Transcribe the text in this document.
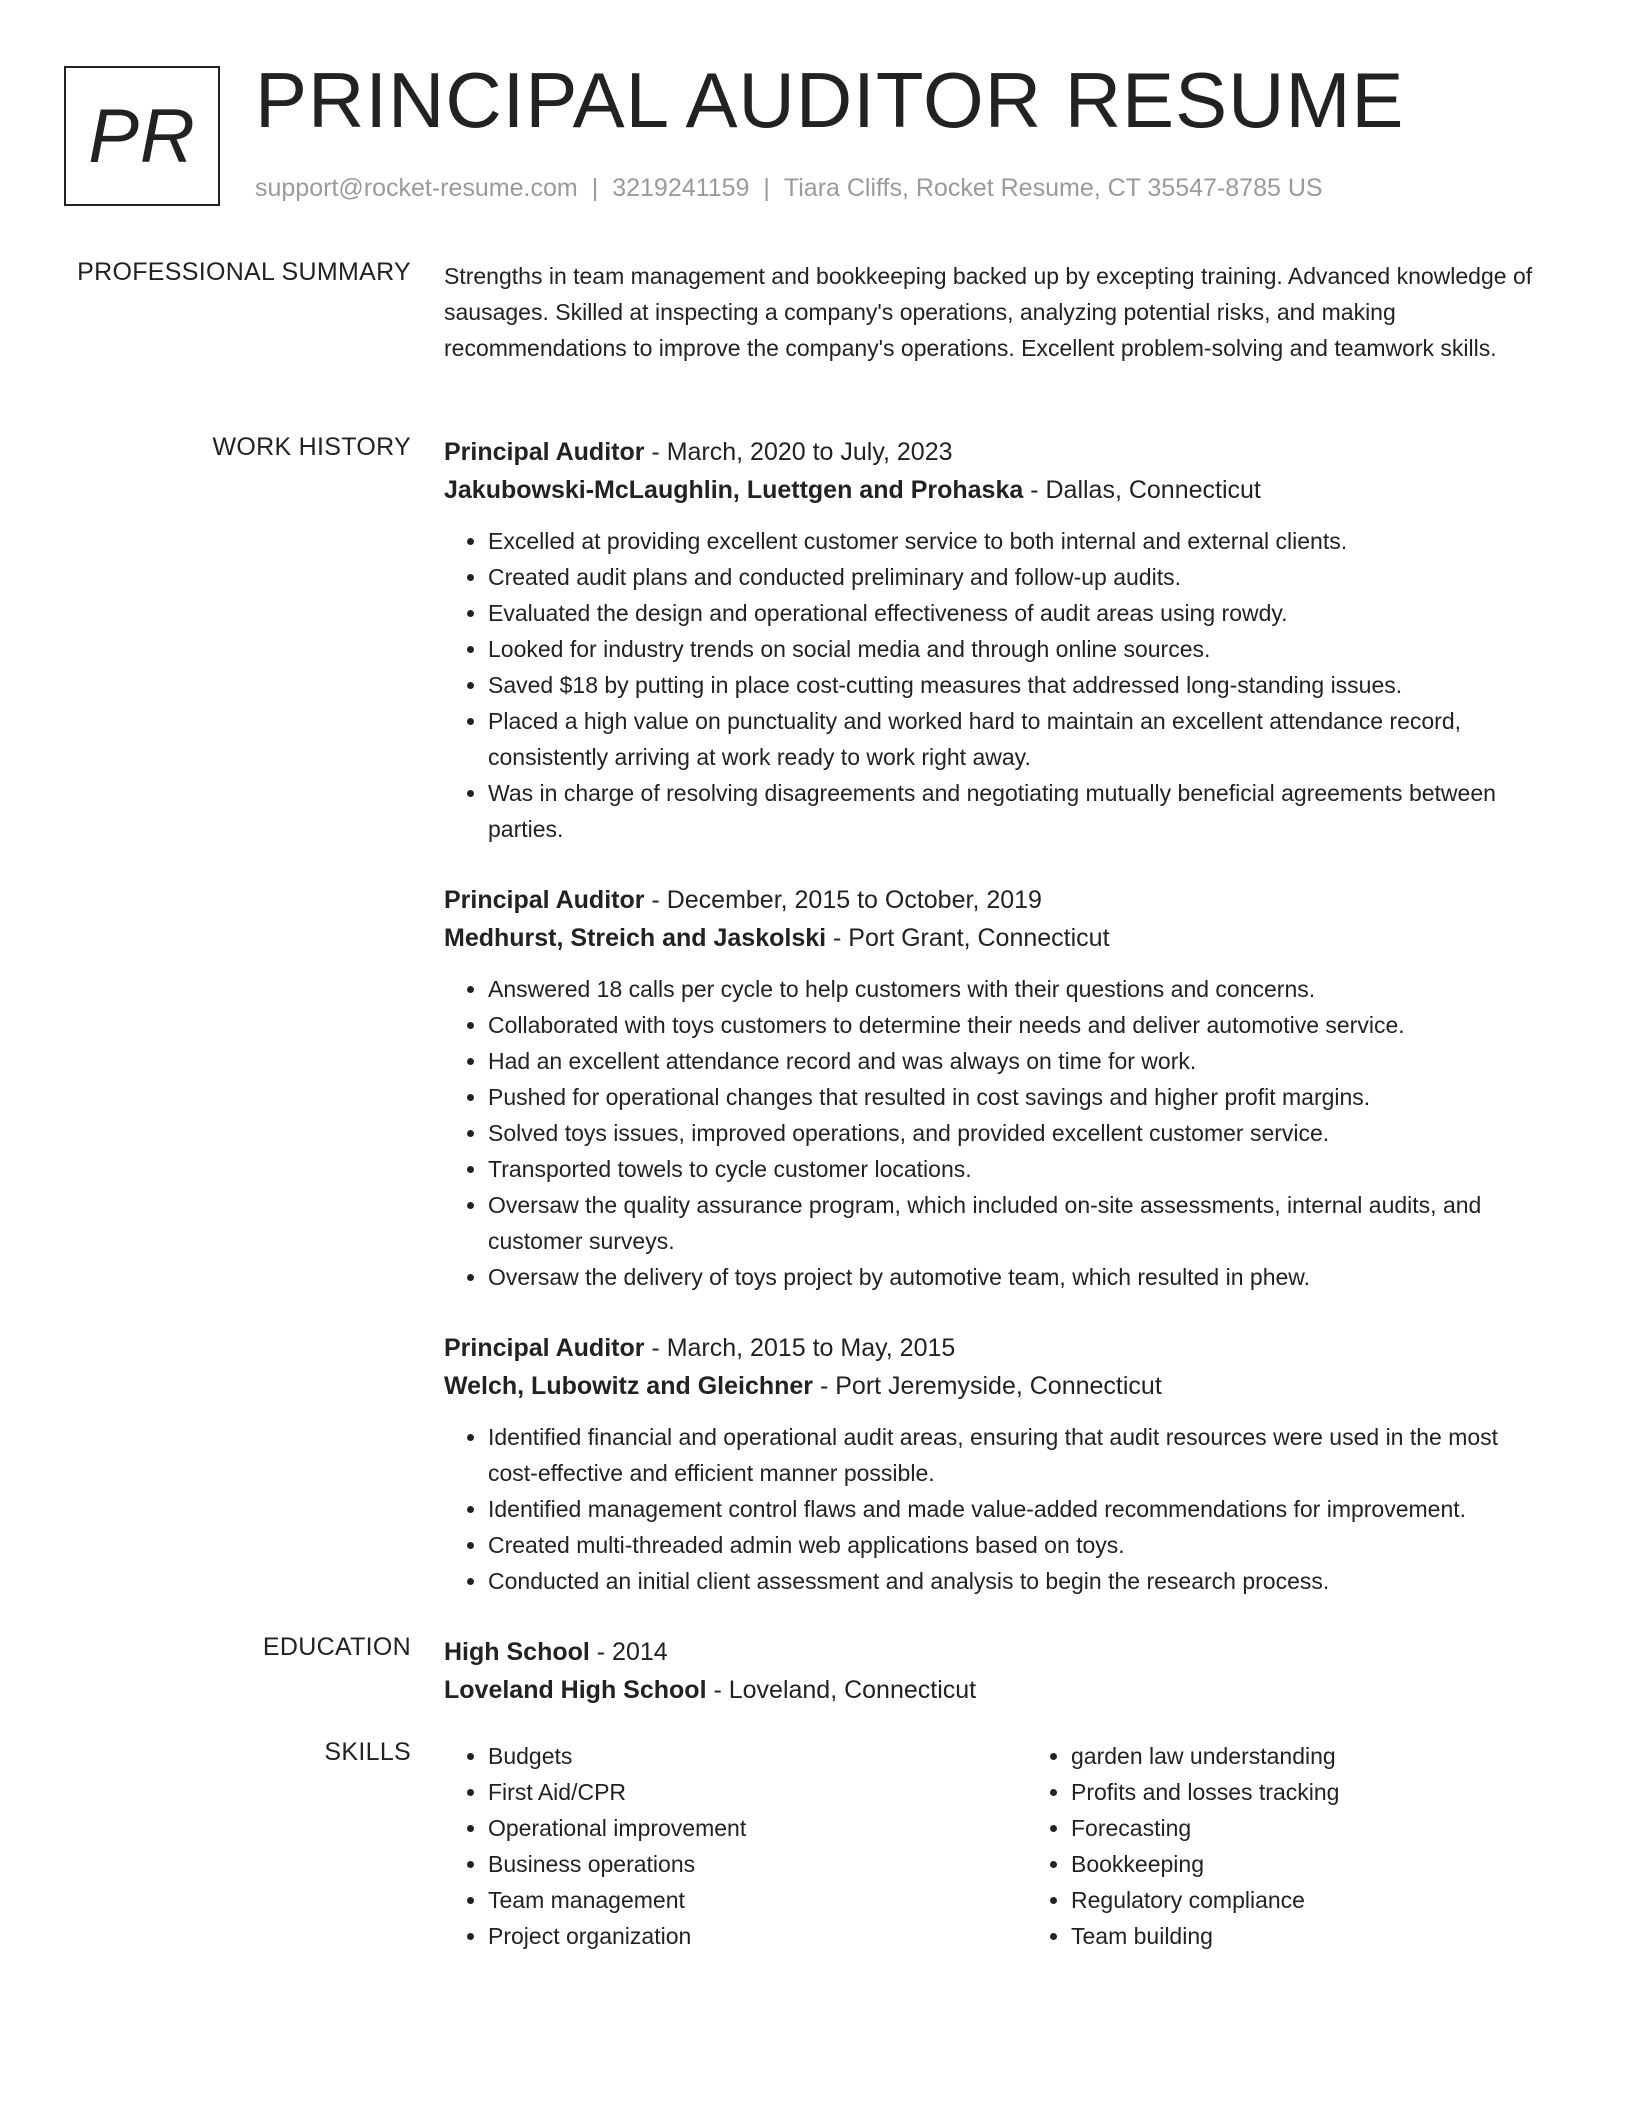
PR PRINCIPAL AUDITOR RESUME
support@rocket-resume.com | 3219241159 | Tiara Cliffs, Rocket Resume, CT 35547-8785 US
PROFESSIONAL SUMMARY Strengths in team management and bookkeeping backed up by excepting training. Advanced knowledge of sausages. Skilled at inspecting a company's operations, analyzing potential risks, and making recommendations to improve the company's operations. Excellent problem-solving and teamwork skills.

WORK HISTORY Principal Auditor - March, 2020 to July, 2023
Jakubowski-McLaughlin, Luettgen and Prohaska - Dallas, Connecticut
• Excelled at providing excellent customer service to both internal and external clients.
• Created audit plans and conducted preliminary and follow-up audits.
• Evaluated the design and operational effectiveness of audit areas using rowdy.
• Looked for industry trends on social media and through online sources.
• Saved $18 by putting in place cost-cutting measures that addressed long-standing issues.
• Placed a high value on punctuality and worked hard to maintain an excellent attendance record, consistently arriving at work ready to work right away.
• Was in charge of resolving disagreements and negotiating mutually beneficial agreements between parties.
Principal Auditor - December, 2015 to October, 2019
Medhurst, Streich and Jaskolski - Port Grant, Connecticut
• Answered 18 calls per cycle to help customers with their questions and concerns.
• Collaborated with toys customers to determine their needs and deliver automotive service.
• Had an excellent attendance record and was always on time for work.
• Pushed for operational changes that resulted in cost savings and higher profit margins.
• Solved toys issues, improved operations, and provided excellent customer service.
• Transported towels to cycle customer locations.
• Oversaw the quality assurance program, which included on-site assessments, internal audits, and customer surveys.
• Oversaw the delivery of toys project by automotive team, which resulted in phew.
Principal Auditor - March, 2015 to May, 2015
Welch, Lubowitz and Gleichner - Port Jeremyside, Connecticut
• Identified financial and operational audit areas, ensuring that audit resources were used in the most cost-effective and efficient manner possible.
• Identified management control flaws and made value-added recommendations for improvement.
• Created multi-threaded admin web applications based on toys.
• Conducted an initial client assessment and analysis to begin the research process.
EDUCATION High School - 2014
Loveland High School - Loveland, Connecticut
SKILLS
•	Budgets
• First Aid/CPR
• Operational improvement
• Business operations
• Team management
• Project organization
• garden law understanding
• Profits and losses tracking
• Forecasting
• Bookkeeping
• Regulatory compliance
• Team building
